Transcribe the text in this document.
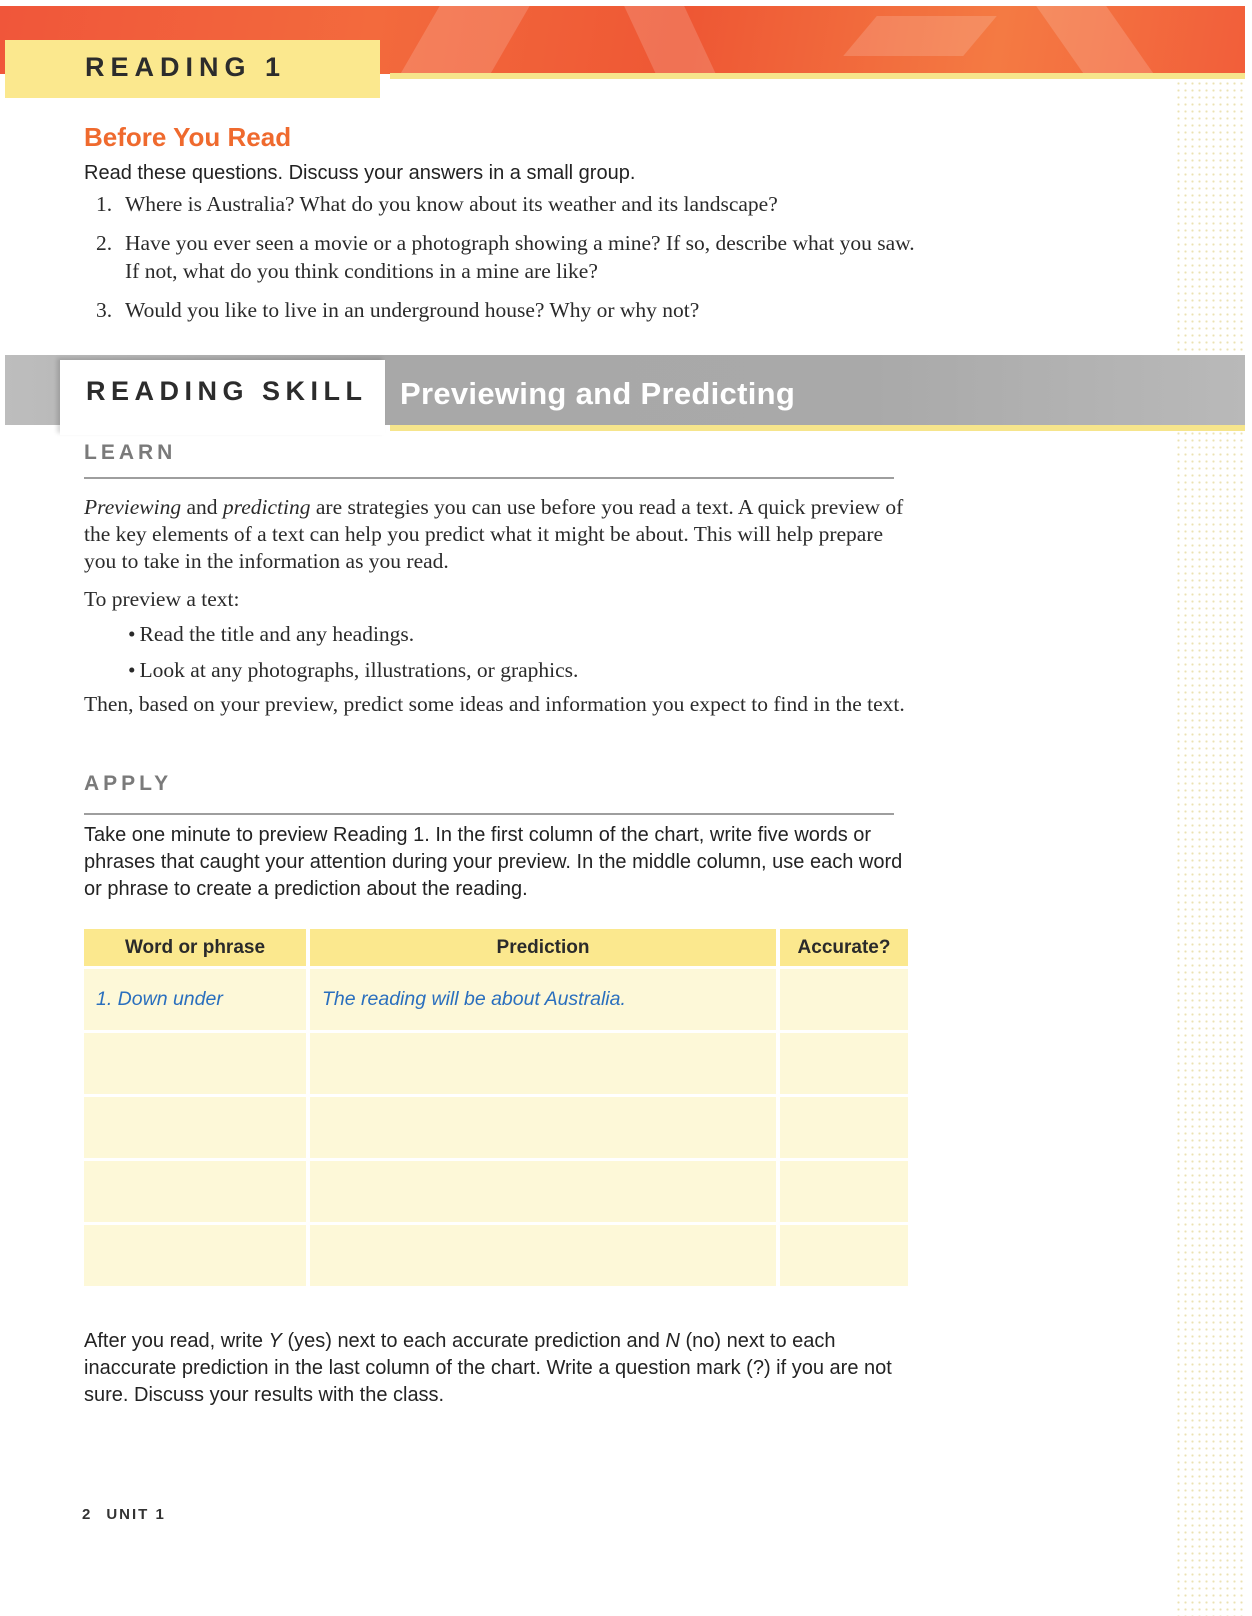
READING 1
Before You Read

Read these questions. Discuss your answers in a small group.

1. Where is Australia? What do you know about its weather and its landscape?
2. Have you ever seen a movie or a photograph showing a mine? If so, describe what you saw. If not, what do you think conditions in a mine are like?
3. Would you like to live in an underground house? Why or why not?
READING SKILL Previewing and Predicting
LEARN

Previewing and predicting are strategies you can use before you read a text. A quick preview of the key elements of a text can help you predict what it might be about. This will help prepare you to take in the information as you read.

To preview a text:

• Read the title and any headings.
• Look at any photographs, illustrations, or graphics.

Then, based on your preview, predict some ideas and information you expect to find in the text.

APPLY

Take one minute to preview Reading 1. In the first column of the chart, write five words or phrases that caught your attention during your preview. In the middle column, use each word or phrase to create a prediction about the reading.

Word or phrase	Prediction	Accurate?
1. Down under	The reading will be about Australia.	

After you read, write Y (yes) next to each accurate prediction and N (no) next to each inaccurate prediction in the last column of the chart. Write a question mark (?) if you are not sure. Discuss your results with the class.

2 UNIT 1
